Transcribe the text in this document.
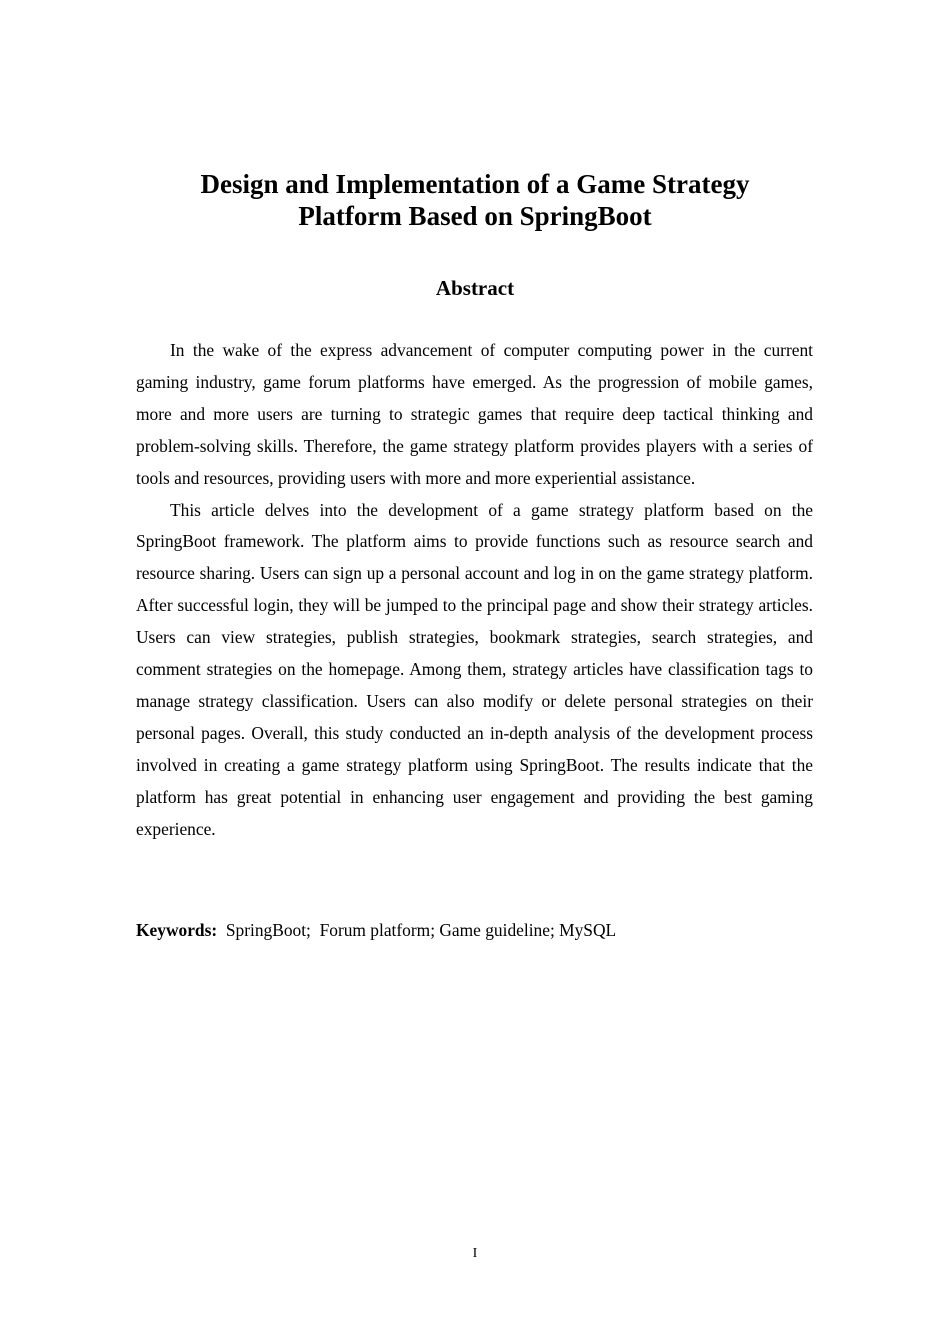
Design and Implementation of a Game Strategy
Platform Based on SpringBoot
Abstract

In the wake of the express advancement of computer computing power in the current gaming industry, game forum platforms have emerged. As the progression of mobile games, more and more users are turning to strategic games that require deep tactical thinking and problem-solving skills. Therefore, the game strategy platform provides players with a series of tools and resources, providing users with more and more experiential assistance.

This article delves into the development of a game strategy platform based on the SpringBoot framework. The platform aims to provide functions such as resource search and resource sharing. Users can sign up a personal account and log in on the game strategy platform. After successful login, they will be jumped to the principal page and show their strategy articles. Users can view strategies, publish strategies, bookmark strategies, search strategies, and comment strategies on the homepage. Among them, strategy articles have classification tags to manage strategy classification. Users can also modify or delete personal strategies on their personal pages. Overall, this study conducted an in-depth analysis of the development process involved in creating a game strategy platform using SpringBoot. The results indicate that the platform has great potential in enhancing user engagement and providing the best gaming experience.

Keywords:  SpringBoot;  Forum platform; Game guideline; MySQL

I
